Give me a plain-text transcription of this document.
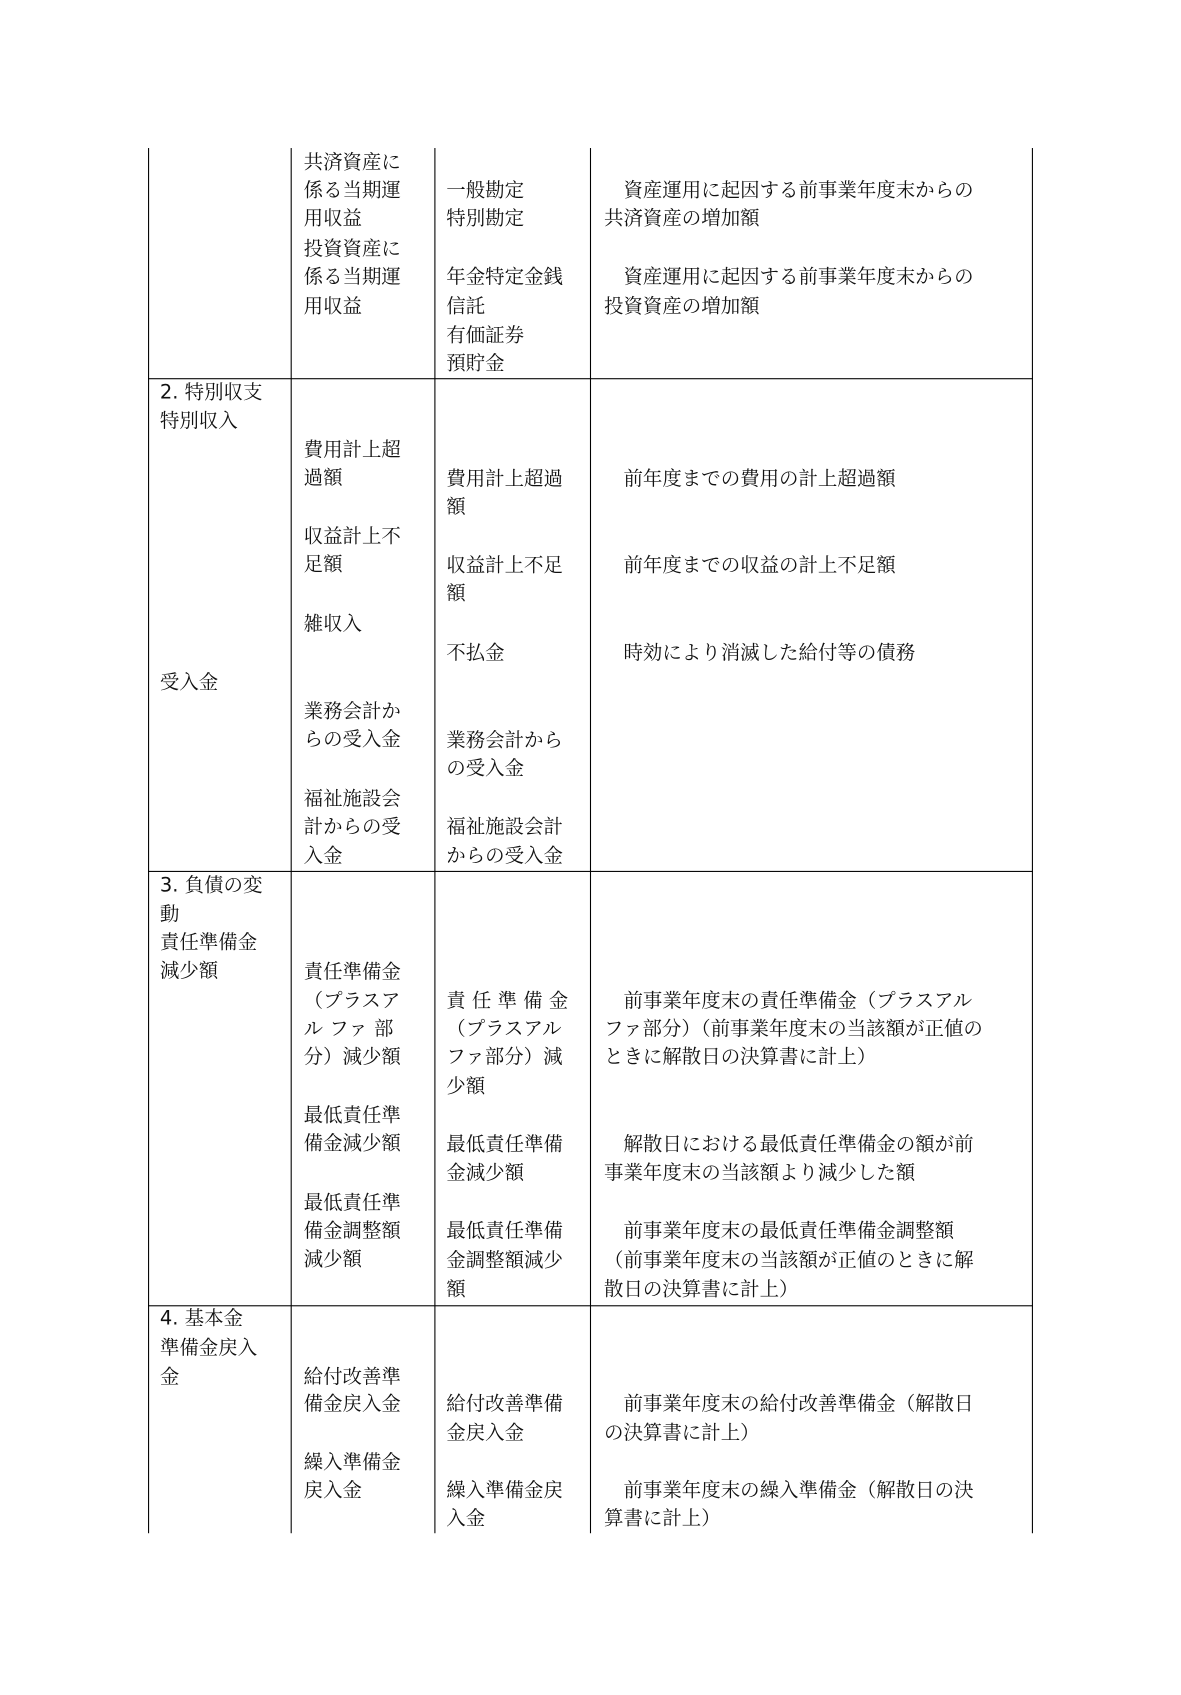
共済資産に
係る当期運
用収益
投資資産に
係る当期運
用収益
一般勘定
特別勘定
年金特定金銭
信託
有価証券
預貯金
　資産運用に起因する前事業年度末からの
共済資産の増加額
　資産運用に起因する前事業年度末からの
投資資産の増加額
2. 特別収支
特別収入
受入金
費用計上超
過額
収益計上不
足額
雑収入
業務会計か
らの受入金
福祉施設会
計からの受
入金
費用計上超過
額
収益計上不足
額
不払金
業務会計から
の受入金
福祉施設会計
からの受入金
　前年度までの費用の計上超過額
　前年度までの収益の計上不足額
　時効により消滅した給付等の債務
3. 負債の変
動
責任準備金
減少額	責任準備金
（プラスア
ル ファ 部
分）減少額
最低責任準
備金減少額
最低責任準
備金調整額
減少額
責 任 準 備 金
（プラスアル
ファ部分）減
少額
最低責任準備
金減少額
最低責任準備
金調整額減少
額
　前事業年度末の責任準備金（プラスアル
ファ部分）（前事業年度末の当該額が正値の
ときに解散日の決算書に計上）
　解散日における最低責任準備金の額が前
事業年度末の当該額より減少した額
　前事業年度末の最低責任準備金調整額
（前事業年度末の当該額が正値のときに解
散日の決算書に計上）
4. 基本金
準備金戻入
金	給付改善準
備金戻入金
繰入準備金
戻入金
給付改善準備
金戻入金
繰入準備金戻
入金
　前事業年度末の給付改善準備金（解散日
の決算書に計上）
　前事業年度末の繰入準備金（解散日の決
算書に計上）
